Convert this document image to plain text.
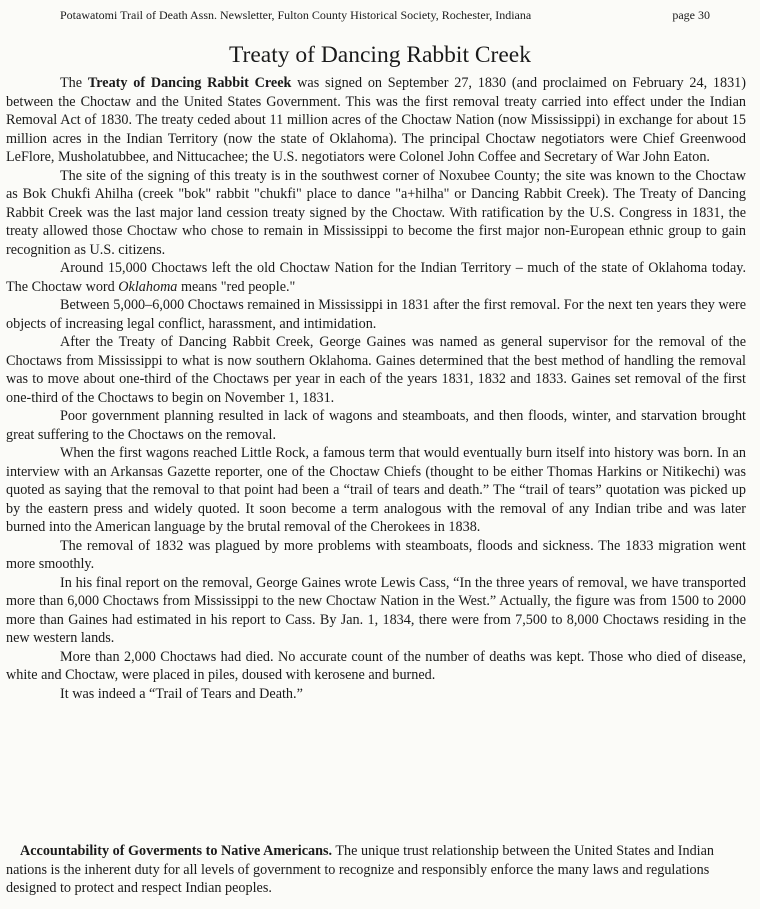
Potawatomi Trail of Death Assn. Newsletter, Fulton County Historical Society, Rochester, Indiana	page 30
Treaty of Dancing Rabbit Creek

The Treaty of Dancing Rabbit Creek was signed on September 27, 1830 (and proclaimed on February 24, 1831) between the Choctaw and the United States Government. This was the first removal treaty carried into effect under the Indian Removal Act of 1830. The treaty ceded about 11 million acres of the Choctaw Nation (now Mississippi) in exchange for about 15 million acres in the Indian Territory (now the state of Oklahoma). The principal Choctaw negotiators were Chief Greenwood LeFlore, Musholatubbee, and Nittucachee; the U.S. negotiators were Colonel John Coffee and Secretary of War John Eaton.

The site of the signing of this treaty is in the southwest corner of Noxubee County; the site was known to the Choctaw as Bok Chukfi Ahilha (creek "bok" rabbit "chukfi" place to dance "a+hilha" or Dancing Rabbit Creek). The Treaty of Dancing Rabbit Creek was the last major land cession treaty signed by the Choctaw. With ratification by the U.S. Congress in 1831, the treaty allowed those Choctaw who chose to remain in Mississippi to become the first major non-European ethnic group to gain recognition as U.S. citizens.

Around 15,000 Choctaws left the old Choctaw Nation for the Indian Territory – much of the state of Oklahoma today. The Choctaw word Oklahoma means "red people."

Between 5,000–6,000 Choctaws remained in Mississippi in 1831 after the first removal. For the next ten years they were objects of increasing legal conflict, harassment, and intimidation.

After the Treaty of Dancing Rabbit Creek, George Gaines was named as general supervisor for the removal of the Choctaws from Mississippi to what is now southern Oklahoma. Gaines determined that the best method of handling the removal was to move about one-third of the Choctaws per year in each of the years 1831, 1832 and 1833. Gaines set removal of the first one-third of the Choctaws to begin on November 1, 1831.

Poor government planning resulted in lack of wagons and steamboats, and then floods, winter, and starvation brought great suffering to the Choctaws on the removal.

When the first wagons reached Little Rock, a famous term that would eventually burn itself into history was born. In an interview with an Arkansas Gazette reporter, one of the Choctaw Chiefs (thought to be either Thomas Harkins or Nitikechi) was quoted as saying that the removal to that point had been a “trail of tears and death.” The “trail of tears” quotation was picked up by the eastern press and widely quoted. It soon become a term analogous with the removal of any Indian tribe and was later burned into the American language by the brutal removal of the Cherokees in 1838.

The removal of 1832 was plagued by more problems with steamboats, floods and sickness. The 1833 migration went more smoothly.

In his final report on the removal, George Gaines wrote Lewis Cass, “In the three years of removal, we have transported more than 6,000 Choctaws from Mississippi to the new Choctaw Nation in the West.” Actually, the figure was from 1500 to 2000 more than Gaines had estimated in his report to Cass. By Jan. 1, 1834, there were from 7,500 to 8,000 Choctaws residing in the new western lands.

More than 2,000 Choctaws had died. No accurate count of the number of deaths was kept. Those who died of disease, white and Choctaw, were placed in piles, doused with kerosene and burned.

It was indeed a “Trail of Tears and Death.”

Accountability of Goverments to Native Americans. The unique trust relationship between the United States and Indian nations is the inherent duty for all levels of government to recognize and responsibly enforce the many laws and regulations designed to protect and respect Indian peoples.
